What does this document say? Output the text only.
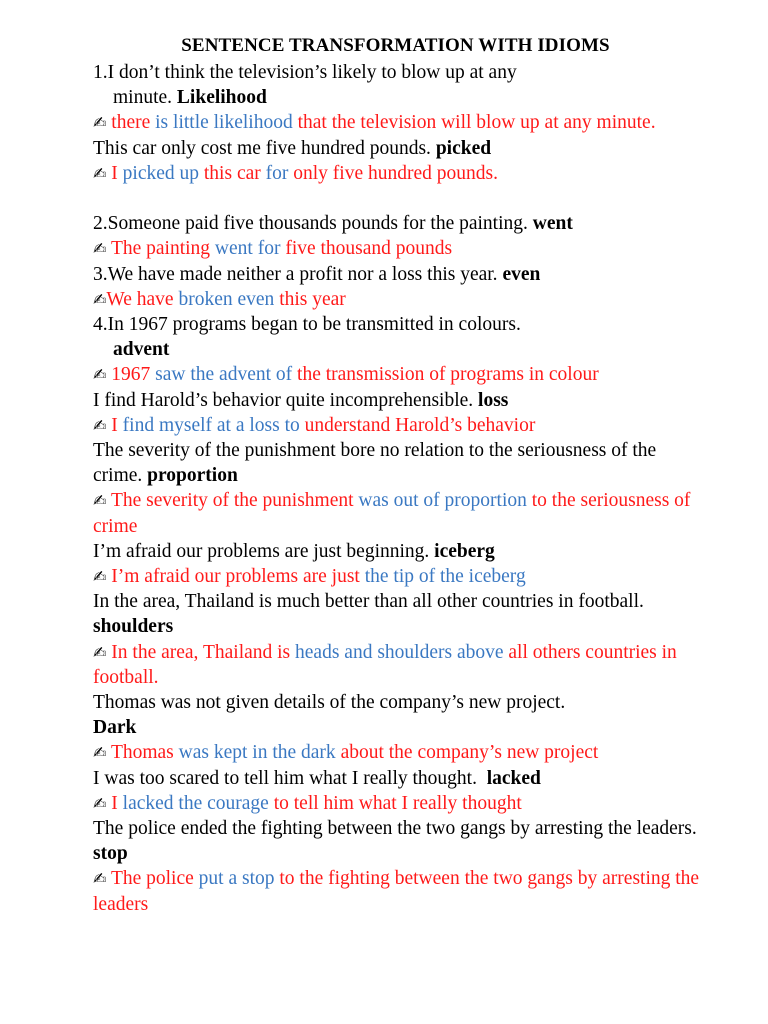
SENTENCE TRANSFORMATION WITH IDIOMS

1.I don’t think the television’s likely to blow up at any

minute. Likelihood

✍ there is little likelihood that the television will blow up at any minute.

This car only cost me five hundred pounds. picked

✍ I picked up this car for only five hundred pounds.

2.Someone paid five thousands pounds for the painting. went

✍ The painting went for five thousand pounds

3.We have made neither a profit nor a loss this year. even

✍We have broken even this year

4.In 1967 programs began to be transmitted in colours.

advent

✍ 1967 saw the advent of the transmission of programs in colour

I find Harold’s behavior quite incomprehensible. loss

✍ I find myself at a loss to understand Harold’s behavior

The severity of the punishment bore no relation to the seriousness of the crime. proportion

✍ The severity of the punishment was out of proportion to the seriousness of crime

I’m afraid our problems are just beginning. iceberg

✍ I’m afraid our problems are just the tip of the iceberg

In the area, Thailand is much better than all other countries in football. shoulders

✍ In the area, Thailand is heads and shoulders above all others countries in football.

Thomas was not given details of the company’s new project.

Dark

✍ Thomas was kept in the dark about the company’s new project

I was too scared to tell him what I really thought. lacked

✍ I lacked the courage to tell him what I really thought

The police ended the fighting between the two gangs by arresting the leaders. stop

✍ The police put a stop to the fighting between the two gangs by arresting the leaders
